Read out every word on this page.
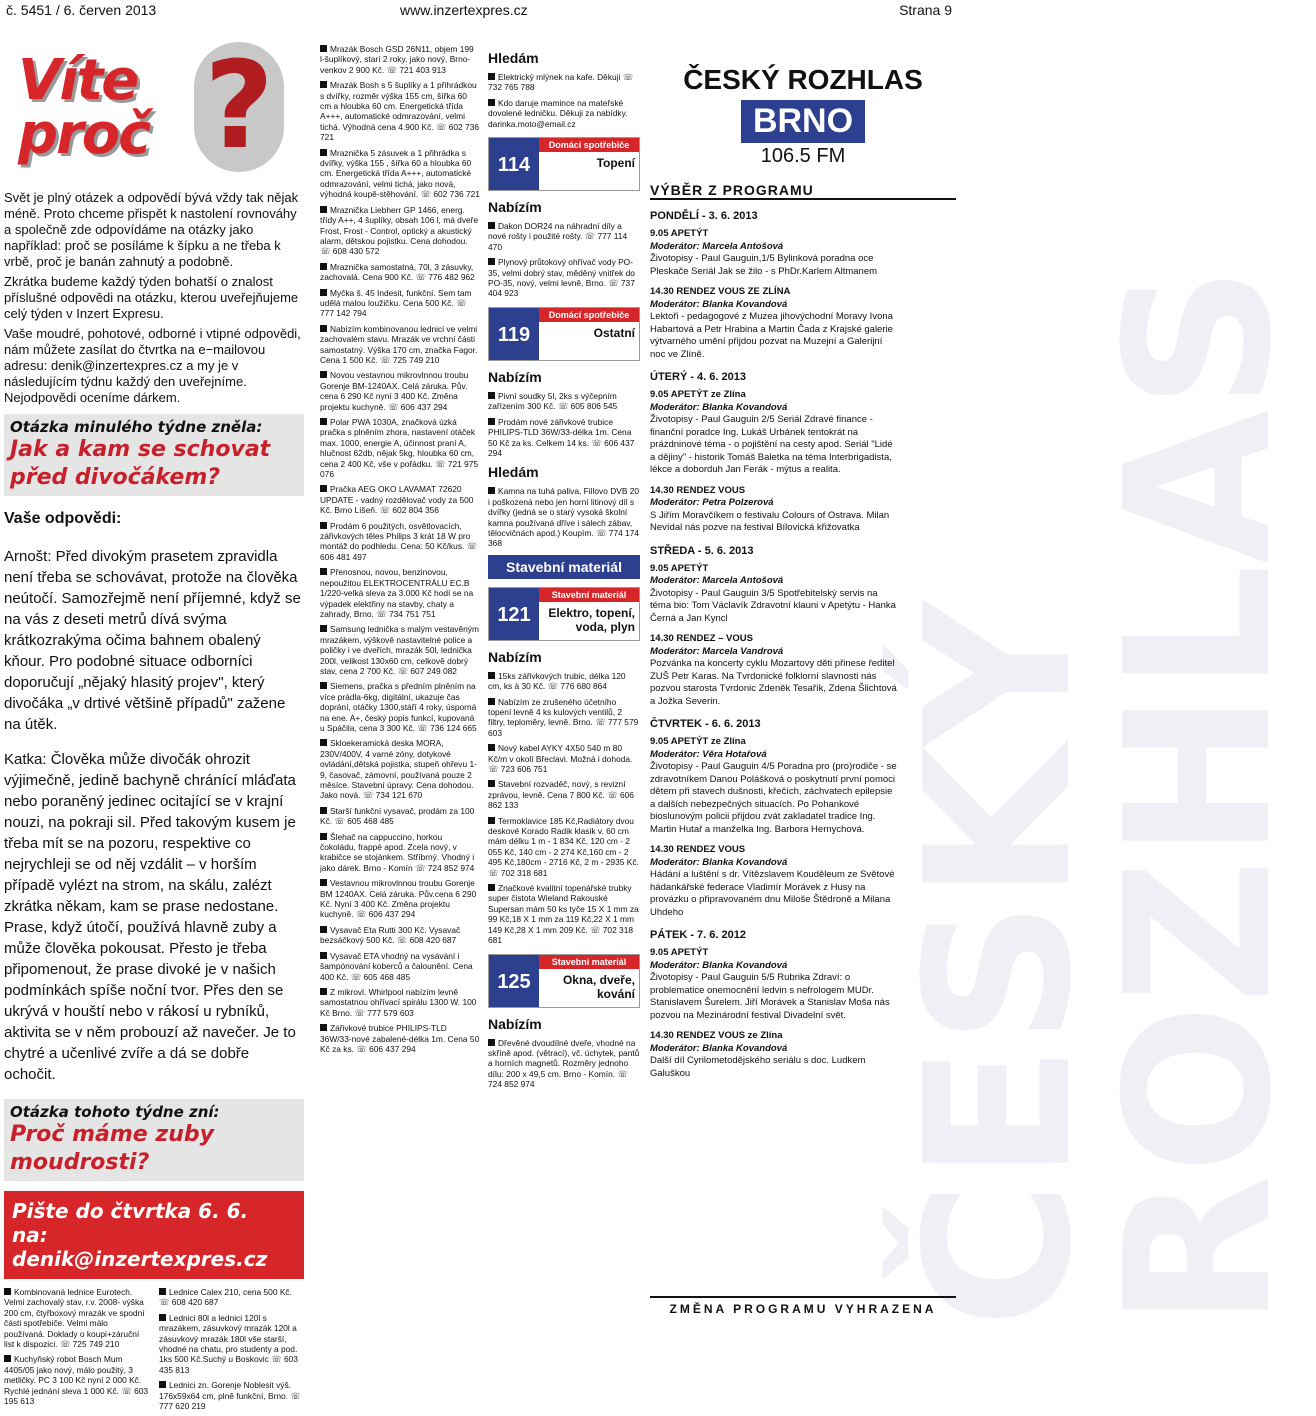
č. 5451 / 6. červen 2013	www.inzertexpres.cz	Strana 9
?
Víte proč

Svět je plný otázek a odpovědí bývá vždy tak nějak méně. Proto chceme přispět k nastolení rovnováhy a společně zde odpovídáme na otázky jako například: proč se posíláme k šípku a ne třeba k vrbě, proč je banán zahnutý a podobně.

Zkrátka budeme každý týden bohatší o znalost příslušné odpovědi na otázku, kterou uveřejňujeme celý týden v Inzert Expresu.

Vaše moudré, pohotové, odborné i vtipné odpovědi, nám můžete zasílat do čtvrtka na e−mailovou adresu: denik@inzertexpres.cz a my je v následujícím týdnu každý den uveřejníme. Nejodpovědi oceníme dárkem.

Otázka minulého týdne zněla:
Jak a kam se schovat před divočákem?
Vaše odpovědi:
Arnošt: Před divokým prasetem zpravidla není třeba se schovávat, protože na člověka neútočí. Samozřejmě není příjemné, když se na vás z deseti metrů dívá svýma krátkozrakýma očima bahnem obalený kňour. Pro podobné situace odborníci doporučují „nějaký hlasitý projev", který divočáka „v drtivé většině případů" zažene na útěk.
Katka: Člověka může divočák ohrozit výjimečně, jedině bachyně chránící mláďata nebo poraněný jedinec ocitající se v krajní nouzi, na pokraji sil. Před takovým kusem je třeba mít se na pozoru, respektive co nejrychleji se od něj vzdálit – v horším případě vylézt na strom, na skálu, zalézt zkrátka někam, kam se prase nedostane. Prase, když útočí, používá hlavně zuby a může člověka pokousat. Přesto je třeba připomenout, že prase divoké je v našich podmínkách spíše noční tvor. Přes den se ukrývá v houští nebo v rákosí u rybníků, aktivita se v něm probouzí až navečer. Je to chytré a učenlivé zvíře a dá se dobře ochočit.
Otázka tohoto týdne zní:
Proč máme zuby moudrosti?
Pište do čtvrtka 6. 6.
na: denik@inzertexpres.cz
Kombinovaná lednice Eurotech. Velmi zachovalý stav, r.v. 2008- výška 200 cm, čtyřboxový mrazák ve spodní části spotřebiče. Velmi málo používaná. Doklady o koupi+záruční list k dispozici. ☏ 725 749 210
Kuchyňský robot Bosch Mum 4405/05 jako nový, málo použitý, 3 metličky. PC 3 100 Kč nyní 2 000 Kč. Rychlé jednání sleva 1 000 Kč. ☏ 603 195 613
Lednice Calex 210, cena 500 Kč. ☏ 608 420 687
Lednici 80l a lednici 120l s mrazákem, zásuvkový mrazák 120l a zásuvkový mrazák 180l vše starší, vhodné na chatu, pro studenty a pod. 1ks 500 Kč.Suchý u Boskovic ☏ 603 435 813
Lednici zn. Gorenje Noblesit výš. 176x59x64 cm, plně funkční, Brno. ☏ 777 620 219
Mrazák Bosch GSD 26N11, objem 199 l-šuplíkový, starí 2 roky, jako nový, Brno-venkov 2 900 Kč. ☏ 721 403 913
Mrazák Bosh s 5 šuplíky a 1 přihrádkou s dvířky, rozměr výška 155 cm, šířka 60 cm a hloubka 60 cm. Energetická třída A+++, automatické odmrazování, velmi tichá. Výhodná cena 4.900 Kč. ☏ 602 736 721
Mraznička 5 zásuvek a 1 přihrádka s dvířky, výška 155 , šířka 60 a hloubka 60 cm. Energetická třída A+++, automatické odmrazování, velmi tichá, jako nová, výhodná koupě-stěhování. ☏ 602 736 721
Mraznička Liebherr GP 1466, energ. třídy A++, 4 šuplíky, obsah 106 l, má dveře Frost, Frost - Control, optický a akustický alarm, dětskou pojistku. Cena dohodou. ☏ 608 430 572
Mraznička samostatná, 70l, 3 zásuvky, zachovalá. Cena 900 Kč. ☏ 776 482 962
Myčka š. 45 Indesit, funkční. Sem tam udělá malou loužičku. Cena 500 Kč. ☏ 777 142 794
Nabízím kombinovanou lednici ve velmi zachovalém stavu. Mrazák ve vrchní části samostatný. Výška 170 cm, značka Fagor. Cena 1 500 Kč. ☏ 725 749 210
Novou vestavnou mikrovlnnou troubu Gorenje BM-1240AX. Celá záruka. Pův. cena 6 290 Kč nyní 3 400 Kč. Změna projektu kuchyně. ☏ 606 437 294
Polar PWA 1030A, značková úzká pračka s plněním zhora, nastavení otáček max. 1000, energie A, účinnost praní A, hlučnost 62db, nějak 5kg, hloubka 60 cm, cena 2 400 Kč, vše v pořádku. ☏ 721 975 076
Pračka AEG OKO LAVAMAT 72620 UPDATE - vadný rozdělovač vody za 500 Kč. Brno Líšeň. ☏ 602 804 356
Prodám 6 použitých, osvětlovacích, zářivkových těles Philips 3 krát 18 W pro montáž do podhledu. Cena: 50 Kč/kus. ☏ 606 481 497
Přenosnou, novou, benzinovou, nepoužitou ELEKTROCENTRÁLU EC.B 1/220-velká sleva za 3.000 Kč hodí se na výpadek elektřiny na stavby, chaty a zahrady, Brno. ☏ 734 751 751
Samsung lednička s malým vestavěným mrazákem, výškově nastavitelné police a poličky i ve dveřích, mrazák 50l, lednička 200l, velikost 130x60 cm, celkově dobrý stav, cena 2 700 Kč. ☏ 607 249 082
Siemens, pračka s předním plněním na více prádla-6kg, digitální, ukazuje čas doprání, otáčky 1300,stáří 4 roky, úsporná na ene. A+, český popis funkcí, kupovaná u Spáčila, cena 3 300 Kč. ☏ 736 124 665
Skloekeramická deska MORA, 230V/400V, 4 varné zóny, dotykové ovládání,dětská pojistka, stupeň ohřevu 1-9, časovač, zámovní, používaná pouze 2 měsíce. Stavební úpravy. Cena dohodou. Jako nová. ☏ 734 121 670
Starší funkční vysavač, prodám za 100 Kč. ☏ 605 468 485
Šlehač na cappuccino, horkou čokoládu, frappé apod. Zcela nový, v krabičce se stojánkem. Stříbrný. Vhodný i jako dárek. Brno - Komín ☏ 724 852 974
Vestavnou mikrovlnnou troubu Gorenje BM 1240AX. Celá záruka. Pův.cena 6 290 Kč. Nyní 3 400 Kč. Změna projektu kuchyně. ☏ 606 437 294
Vysavač Eta Rutti 300 Kč. Vysavač bezsáčkový 500 Kč. ☏ 608 420 687
Vysavač ETA vhodný na vysávání i šampónování koberců a čalounění. Cena 400 Kč. ☏ 605 468 485
Z mikrovl. Whirlpool nabízím levně samostatnou ohřívací spirálu 1300 W. 100 Kč Brno. ☏ 777 579 603
Zářivkové trubice PHILIPS-TLD 36W/33-nové zabalené-délka 1m. Cena 50 Kč za ks. ☏ 606 437 294
Hledám
Elektrický mlýnek na kafe. Děkuji ☏ 732 765 788
Kdo daruje mamince na mateřské dovolené ledničku. Děkuji za nabídky. darinka.moto@email.cz
114
Domácí spotřebiče
Topení
Nabízím
Dakon DOR24 na náhradní díly a nové rošty i použité rošty. ☏ 777 114 470
Plynový průtokový ohřívač vody PO-35, velmi dobrý stav, měděný vnitřek do PO-35, nový, velmi levně, Brno. ☏ 737 404 923
119
Domácí spotřebiče
Ostatní
Nabízím
Pivní soudky 5l, 2ks s výčepním zařízením 300 Kč. ☏ 605 806 545
Prodám nové zářivkové trubice PHILIPS-TLD 36W/33-délka 1m. Cena 50 Kč za ks. Celkem 14 ks. ☏ 606 437 294
Hledám
Kamna na tuhá paliva, Fillovo DVB 20 i poškozená nebo jen horní litinový díl s dvířky (jedná se o starý vysoká školní kamna používaná dříve i sálech zábav, tělocvičnách apod.) Koupím. ☏ 774 174 368
Stavební materiál
121
Stavební materiál
Elektro, topení, voda, plyn
Nabízím
15ks zářivkových trubic, délka 120 cm, ks à 30 Kč. ☏ 776 680 864
Nabízím ze zrušeného účetního topení levně 4 ks kulových ventilů, 2 filtry, teploměry, levně. Brno. ☏ 777 579 603
Nový kabel AYKY 4X50 540 m 80 Kč/m v okolí Břeclavi. Možná i dohoda. ☏ 723 606 751
Stavební rozvaděč, nový, s revizní zprávou, levně. Cena 7 800 Kč. ☏ 606 862 133
Termoklavice 185 Kč,Radiátory dvou deskové Korado Radik klasik v. 60 cm mám délku 1 m - 1 834 Kč, 120 cm - 2 055 Kč, 140 cm - 2 274 Kč,160 cm - 2 495 Kč,180cm - 2716 Kč, 2 m - 2935 Kč. ☏ 702 318 681
Značkové kvalitní topenářské trubky super čistota Wieland Rakouské Supersan mám 50 ks tyče 15 X 1 mm za 99 Kč,18 X 1 mm za 119 Kč,22 X 1 mm 149 Kč,28 X 1 mm 209 Kč. ☏ 702 318 681
125
Stavební materiál
Okna, dveře, kování
Nabízím
Dřevěné dvoudílné dveře, vhodné na skříně apod. (větrací), vč. úchytek, pantů a horních magnetů. Rozměry jednoho dílu: 200 x 49,5 cm. Brno - Komín. ☏ 724 852 974	ČESKÝ ROZHLAS
ČESKÝ ROZHLAS
BRNO
106.5 FM
VÝBĚR Z PROGRAMU
PONDĚLÍ - 3. 6. 2013
9.05 APETÝT
Moderátor: Marcela Antošová
Životopisy - Paul Gauguin,1/5 Bylinková poradna oce Pleskače Seriál Jak se žilo - s PhDr.Karlem Altmanem
14.30 RENDEZ VOUS ZE ZLÍNA
Moderátor: Blanka Kovandová
Lektoři - pedagogové z Muzea jihovýchodní Moravy Ivona Habartová a Petr Hrabina a Martin Čada z Krajské galerie výtvarného umění přijdou pozvat na Muzejní a Galerijní noc ve Zlíně.
ÚTERÝ - 4. 6. 2013
9.05 APETÝT ze Zlína
Moderátor: Blanka Kovandová
Životopisy - Paul Gauguin 2/5 Seriál Zdravé finance - finanční poradce Ing. Lukáš Urbánek tentokrát na prázdninové téma - o pojištění na cesty apod. Seriál "Lidé a dějiny" - historik Tomáš Baletka na téma Interbrigadista, lékce a doborduh Jan Ferák - mýtus a realita.
14.30 RENDEZ VOUS
Moderátor: Petra Polzerová
S Jiřím Moravčíkem o festivalu Colours of Ostrava. Milan Nevídal nás pozve na festival Bílovická křižovatka
STŘEDA - 5. 6. 2013
9.05 APETÝT
Moderátor: Marcela Antošová
Životopisy - Paul Gauguin 3/5 Spotřebitelský servis na téma bio: Tom Václavík Zdravotní klauni v Apetýtu - Hanka Černá a Jan Kyncl
14.30 RENDEZ – VOUS
Moderátor: Marcela Vandrová
Pozvánka na koncerty cyklu Mozartovy děti přinese ředitel ZUŠ Petr Karas. Na Tvrdonické folklorní slavnosti nás pozvou starosta Tvrdonic Zdeněk Tesařík, Zdena Šlichtová a Jožka Severin.
ČTVRTEK - 6. 6. 2013
9.05 APETÝT ze Zlína
Moderátor: Věra Hotařová
Životopisy - Paul Gauguin 4/5 Poradna pro (pro)rodiče - se zdravotníkem Danou Polášková o poskytnutí první pomoci dětem při stavech dušnosti, křečích, záchvatech epilepsie a dalších nebezpečných situacích. Po Pohankové bioslunovým policii přijdou zvát zakladatel tradice Ing. Martin Hutař a manželka Ing. Barbora Hernychová.
14.30 RENDEZ VOUS
Moderátor: Blanka Kovandová
Hádání a luštění s dr. Vítězslavem Kouděleum ze Světové hádankářské federace Vladimír Morávek z Husy na provázku o připravovaném dnu Miloše Štědroně a Milana Uhdeho
PÁTEK - 7. 6. 2012
9.05 APETÝT
Moderátor: Blanka Kovandová
Životopisy - Paul Gauguin 5/5 Rubrika Zdraví: o problematice onemocnění ledvin s nefrologem MUDr. Stanislavem Šurelem. Jiří Morávek a Stanislav Moša nás pozvou na Mezinárodní festival Divadelní svět.
14.30 RENDEZ VOUS ze Zlína
Moderátor: Blanka Kovandová
Další díl Cyrilometodějského seriálu s doc. Ludkem Galuškou
ZMĚNA PROGRAMU VYHRAZENA
